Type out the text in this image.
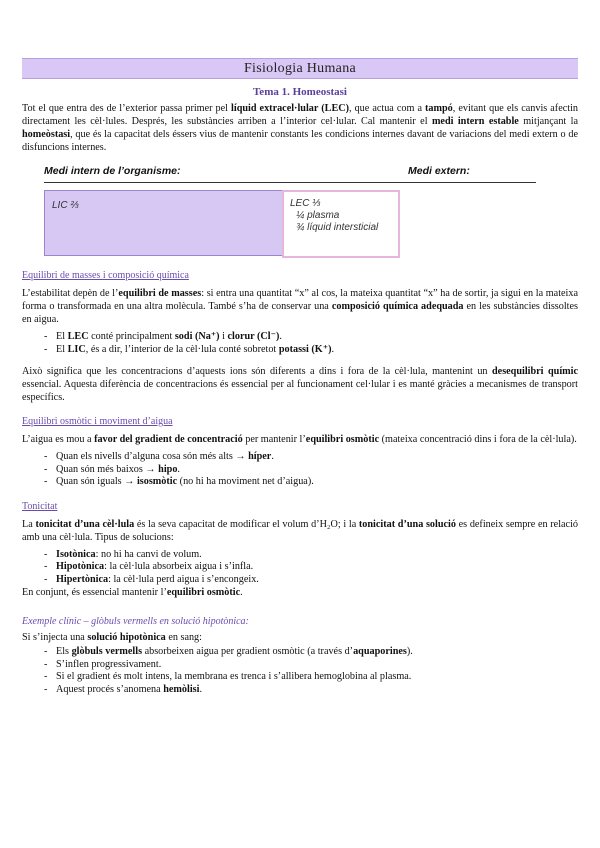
Fisiologia Humana
Tema 1. Homeostasi

Tot el que entra des de l’exterior passa primer pel líquid extracel·lular (LEC), que actua com a tampó, evitant que els canvis afectin directament les cèl·lules. Després, les substàncies arriben a l’interior cel·lular. Cal mantenir el medi intern estable mitjançant la homeòstasi, que és la capacitat dels éssers vius de mantenir constants les condicions internes davant de variacions del medi extern o de disfuncions internes.

Medi intern de l’organisme:	Medi extern:
LIC ⅔	LEC ⅓
¼ plasma
¾ líquid intersticial
Equilibri de masses i composició química

L’estabilitat depèn de l’equilibri de masses: si entra una quantitat “x” al cos, la mateixa quantitat “x” ha de sortir, ja sigui en la mateixa forma o transformada en una altra molècula. També s’ha de conservar una composició química adequada en les substàncies dissoltes en aigua.

- El LEC conté principalment sodi (Na⁺) i clorur (Cl⁻).
- El LIC, és a dir, l’interior de la cèl·lula conté sobretot potassi (K⁺).

Això significa que les concentracions d’aquests ions són diferents a dins i fora de la cèl·lula, mantenint un desequilibri químic essencial. Aquesta diferència de concentracions és essencial per al funcionament cel·lular i es manté gràcies a mecanismes de transport específics.

Equilibri osmòtic i moviment d’aigua

L’aigua es mou a favor del gradient de concentració per mantenir l’equilibri osmòtic (mateixa concentració dins i fora de la cèl·lula).

- Quan els nivells d’alguna cosa són més alts → híper.
- Quan són més baixos → hipo.
- Quan són iguals → isosmòtic (no hi ha moviment net d’aigua).
Tonicitat

La tonicitat d’una cèl·lula és la seva capacitat de modificar el volum d’H₂O; i la tonicitat d’una solució es defineix sempre en relació amb una cèl·lula. Tipus de solucions:

- Isotònica: no hi ha canvi de volum.
- Hipotònica: la cèl·lula absorbeix aigua i s’infla.
- Hipertònica: la cèl·lula perd aigua i s’encongeix.

En conjunt, és essencial mantenir l’equilibri osmòtic.

Exemple clínic – glòbuls vermells en solució hipotònica:

Si s’injecta una solució hipotònica en sang:

- Els glòbuls vermells absorbeixen aigua per gradient osmòtic (a través d’aquaporines).
- S’inflen progressivament.
- Si el gradient és molt intens, la membrana es trenca i s’allibera hemoglobina al plasma.
- Aquest procés s’anomena hemòlisi.
